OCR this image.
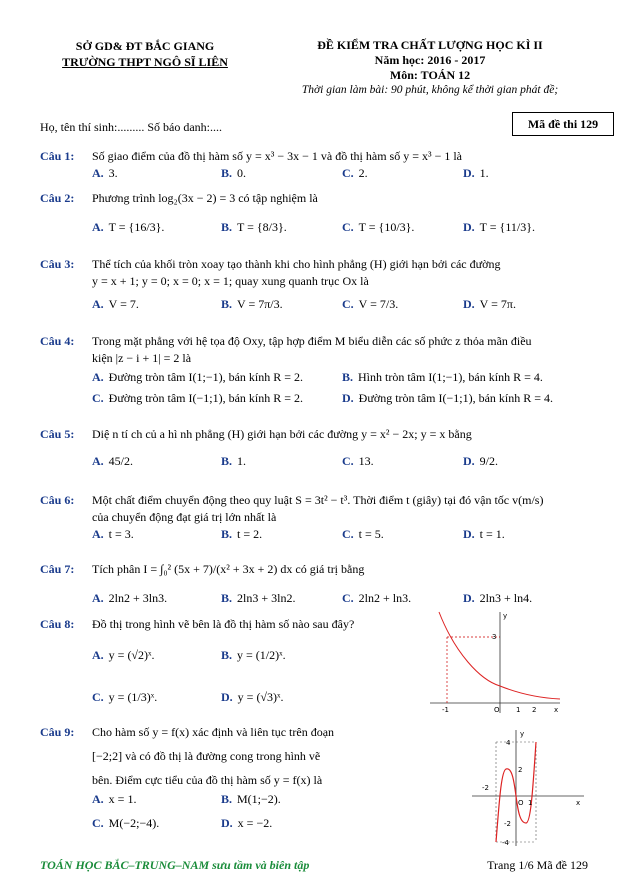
SỞ GD& ĐT BẮC GIANG
TRƯỜNG THPT NGÔ SĨ LIÊN
ĐỀ KIỂM TRA CHẤT LƯỢNG HỌC KÌ II
Năm học: 2016 - 2017
Môn: TOÁN 12
Thời gian làm bài: 90 phút, không kể thời gian phát đề;
Họ, tên thí sinh:......... Số báo danh:....	Mã đề thi 129
Câu 1:	Số giao điểm của đồ thị hàm số y = x³ − 3x − 1 và đồ thị hàm số y = x³ − 1 là
A. 3.	B. 0.	C. 2.	D. 1.
Câu 2:	Phương trình log₂(3x − 2) = 3 có tập nghiệm là
A. T = {16/3}.	B. T = {8/3}.	C. T = {10/3}.	D. T = {11/3}.
Câu 3:	Thể tích của khối tròn xoay tạo thành khi cho hình phẳng (H) giới hạn bởi các đường
y = x + 1; y = 0; x = 0; x = 1; quay xung quanh trục Ox là
A. V = 7.	B. V = 7π/3.	C. V = 7/3.	D. V = 7π.
Câu 4:	Trong mặt phẳng với hệ tọa độ Oxy, tập hợp điểm M biểu diễn các số phức z thỏa mãn điều
kiện |z − i + 1| = 2 là
A. Đường tròn tâm I(1;−1), bán kính R = 2.	B. Hình tròn tâm I(1;−1), bán kính R = 4.
C. Đường tròn tâm I(−1;1), bán kính R = 2.	D. Đường tròn tâm I(−1;1), bán kính R = 4.
Câu 5:	Diệ n tí ch củ a hì nh phẳng (H) giới hạn bởi các đường y = x² − 2x; y = x bằng
A. 45/2.	B. 1.	C. 13.	D. 9/2.
Câu 6:	Một chất điểm chuyển động theo quy luật S = 3t² − t³. Thời điểm t (giây) tại đó vận tốc v(m/s)
của chuyển động đạt giá trị lớn nhất là
A. t = 3.	B. t = 2.	C. t = 5.	D. t = 1.
Câu 7:	Tích phân I = ∫₀² (5x + 7)/(x² + 3x + 2) dx có giá trị bằng
A. 2ln2 + 3ln3.	B. 2ln3 + 3ln2.	C. 2ln2 + ln3.	D. 2ln3 + ln4.
Câu 8:	Đồ thị trong hình vẽ bên là đồ thị hàm số nào sau đây?
A. y = (√2)ˣ.	B. y = (1/2)ˣ.
C. y = (1/3)ˣ.	D. y = (√3)ˣ.
y
3
-1	O 1 2	x
Câu 9:	Cho hàm số y = f(x) xác định và liên tục trên đoạn
[−2;2] và có đồ thị là đường cong trong hình vẽ
bên. Điểm cực tiểu của đồ thị hàm số y = f(x) là
A. x = 1.	B. M(1;−2).
C. M(−2;−4).	D. x = −2.
y
4
2
-2
O 1	x
-2
-4
TOÁN HỌC BẮC–TRUNG–NAM sưu tầm và biên tập	Trang 1/6 Mã đề 129
